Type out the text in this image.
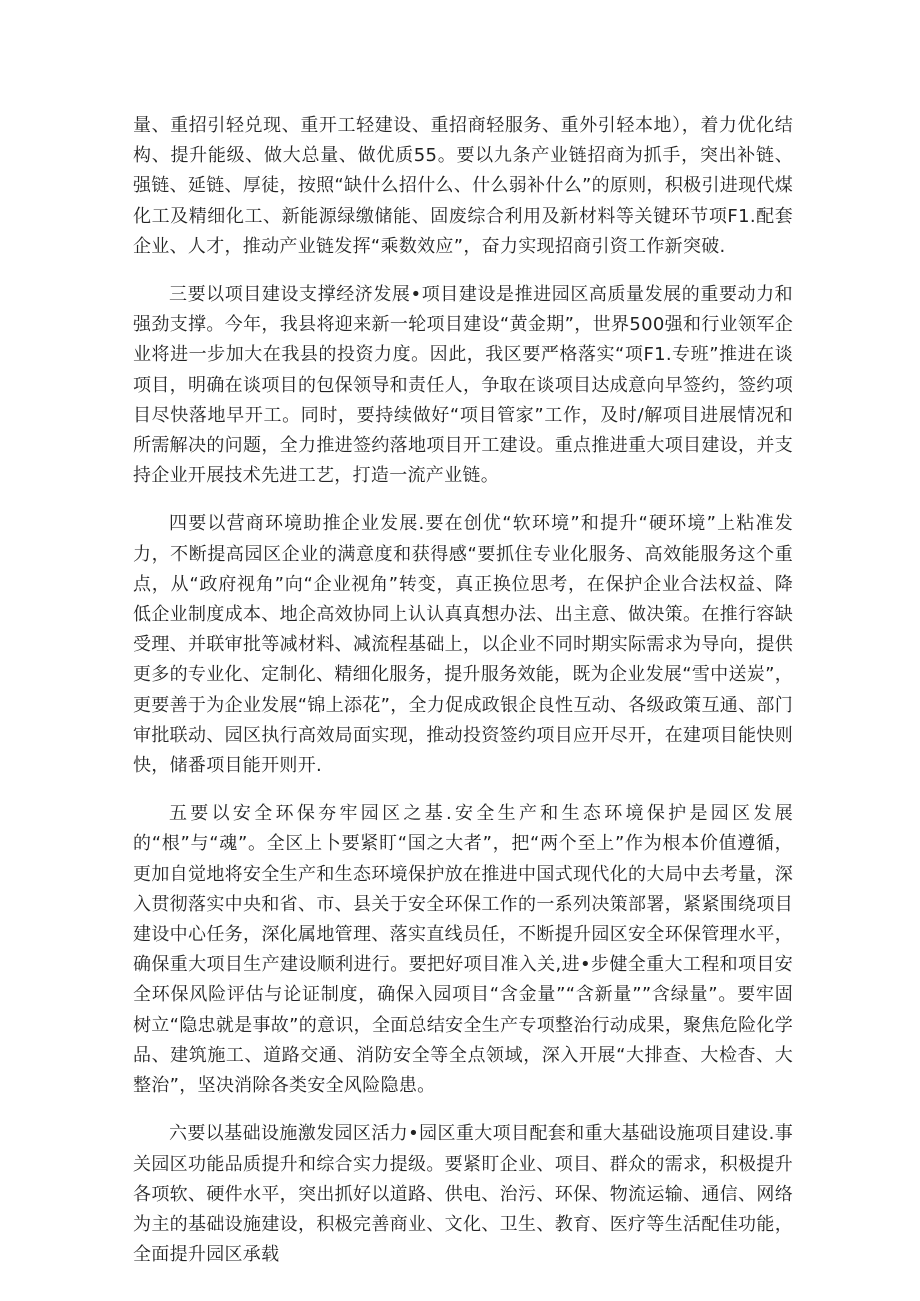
量、重招引轻兑现、重开工轻建设、重招商轻服务、重外引轻本地），着力优化结构、提升能级、做大总量、做优质55。要以九条产业链招商为抓手，突出补链、强链、延链、厚徒，按照“缺什么招什么、什么弱补什么”的原则，积极引进现代煤化工及精细化工、新能源绿缴储能、固废综合利用及新材料等关键环节项F1.配套企业、人才，推动产业链发挥“乘数效应”，奋力实现招商引资工作新突破.

三要以项目建设支撑经济发展•项目建设是推进园区高质量发展的重要动力和强劲支撑。今年，我县将迎来新一轮项目建设“黄金期”，世界500强和行业领军企业将进一步加大在我县的投资力度。因此，我区要严格落实“项F1.专班”推进在谈项目，明确在谈项目的包保领导和责任人，争取在谈项目达成意向早签约，签约项目尽快落地早开工。同时，要持续做好“项目管家”工作，及时/解项目进展情况和所需解决的问题，全力推进签约落地项目开工建设。重点推进重大项目建设，并支持企业开展技术先进工艺，打造一流产业链。

四要以营商环境助推企业发展.要在创优“软环境”和提升“硬环境”上粘准发力，不断提高园区企业的满意度和获得感“要抓住专业化服务、高效能服务这个重点，从“政府视角”向“企业视角”转变，真正换位思考，在保护企业合法权益、降低企业制度成本、地企高效协同上认认真真想办法、出主意、做决策。在推行容缺受理、并联审批等减材料、减流程基础上，以企业不同时期实际需求为导向，提供更多的专业化、定制化、精细化服务，提升服务效能，既为企业发展“雪中送炭”，更要善于为企业发展“锦上添花”，全力促成政银企良性互动、各级政策互通、部门审批联动、园区执行高效局面实现，推动投资签约项目应开尽开，在建项目能快则快，储番项目能开则开.

五要以安全环保夯牢园区之基.安全生产和生态环境保护是园区发展的“根”与“魂”。全区上卜要紧盯“国之大者”，把“两个至上”作为根本价值遵循，更加自觉地将安全生产和生态环境保护放在推进中国式现代化的大局中去考量，深入贯彻落实中央和省、市、县关于安全环保工作的一系列决策部署，紧紧围绕项目建设中心任务，深化属地管理、落实直线员任，不断提升园区安全环保管理水平，确保重大项目生产建设顺利进行。要把好项目准入关,进•步健全重大工程和项目安全环保风险评估与论证制度，确保入园项目“含金量”“含新量””含绿量”。要牢固树立“隐忠就是事故”的意识，全面总结安全生产专项整治行动成果，聚焦危险化学品、建筑施工、道路交通、消防安全等全点领域，深入开展“大排查、大检杳、大整治”，坚决消除各类安全风险隐患。

六要以基础设施激发园区活力•园区重大项目配套和重大基础设施项目建设.事关园区功能品质提升和综合实力提级。要紧盯企业、项目、群众的需求，积极提升各项软、硬件水平，突出抓好以道路、供电、治污、环保、物流运输、通信、网络为主的基础设施建设，积极完善商业、文化、卫生、教育、医疗等生活配佳功能，全面提升园区承载
